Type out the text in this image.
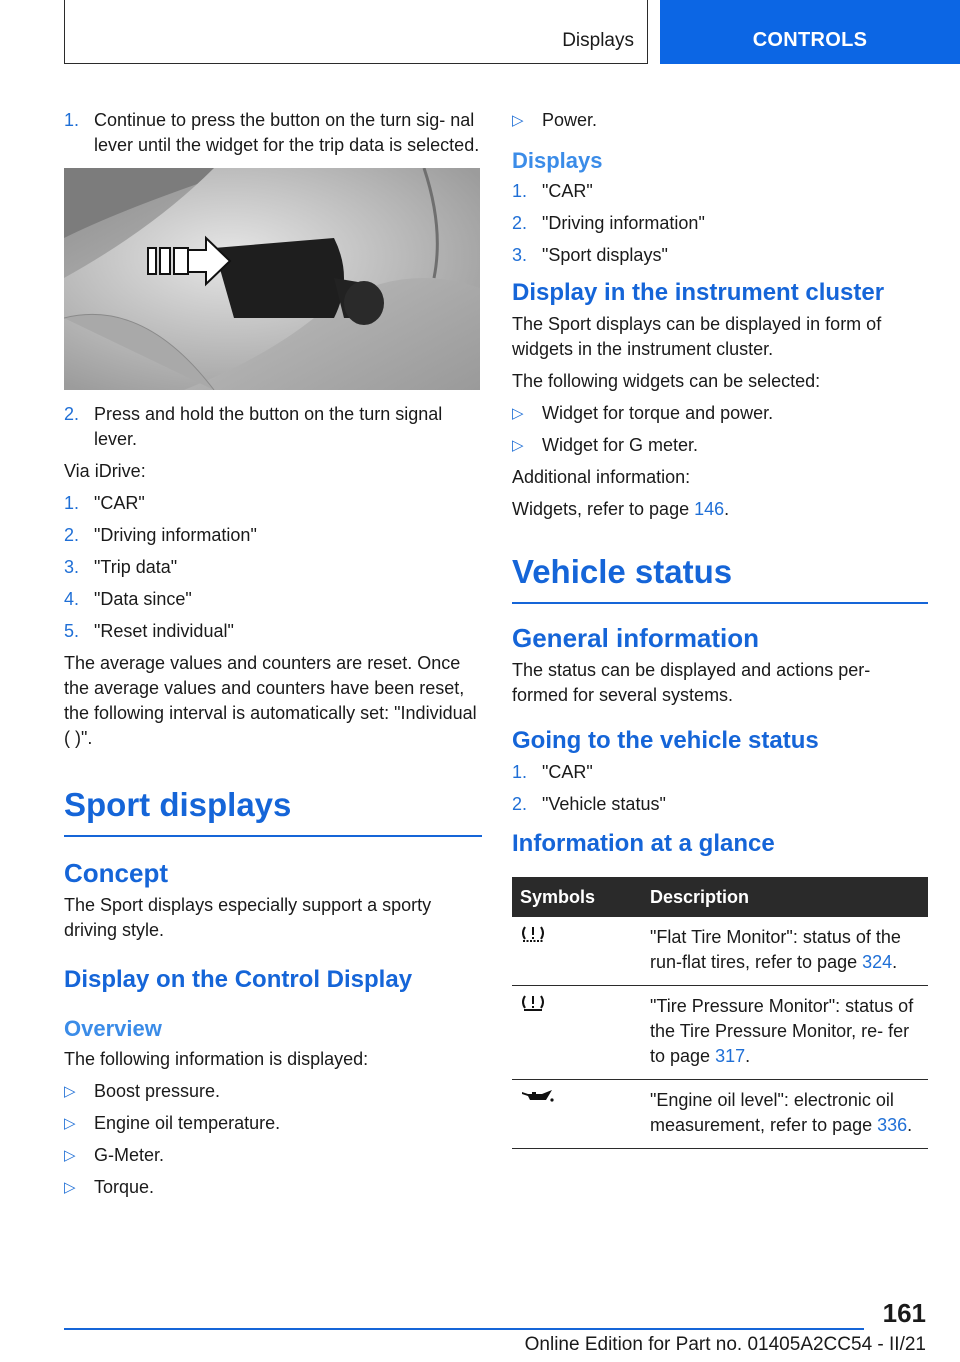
Displays	CONTROLS
1. Continue to press the button on the turn sig‐ nal lever until the widget for the trip data is selected.
2. Press and hold the button on the turn signal lever.

Via iDrive:

1. "CAR"
2. "Driving information"
3. "Trip data"
4. "Data since"
5. "Reset individual"

The average values and counters are reset. Once the average values and counters have been reset, the following interval is automatically set: "Individual ( )".

Sport displays
Concept

The Sport displays especially support a sporty driving style.

Display on the Control Display
Overview

The following information is displayed:

▷ Boost pressure.
▷ Engine oil temperature.
▷ G-Meter.
▷ Torque.
▷ Power.
Displays
1. "CAR"
2. "Driving information"
3. "Sport displays"
Display in the instrument cluster

The Sport displays can be displayed in form of widgets in the instrument cluster.

The following widgets can be selected:

▷ Widget for torque and power.
▷ Widget for G meter.

Additional information:

Widgets, refer to page 146.

Vehicle status
General information

The status can be displayed and actions per‐ formed for several systems.

Going to the vehicle status
1. "CAR"
2. "Vehicle status"
Information at a glance
Symbols	Description
	"Flat Tire Monitor": status of the run-flat tires, refer to page 324.
	"Tire Pressure Monitor": status of the Tire Pressure Monitor, re‐ fer to page 317.
	"Engine oil level": electronic oil measurement, refer to page 336.
161
Online Edition for Part no. 01405A2CC54 - II/21
